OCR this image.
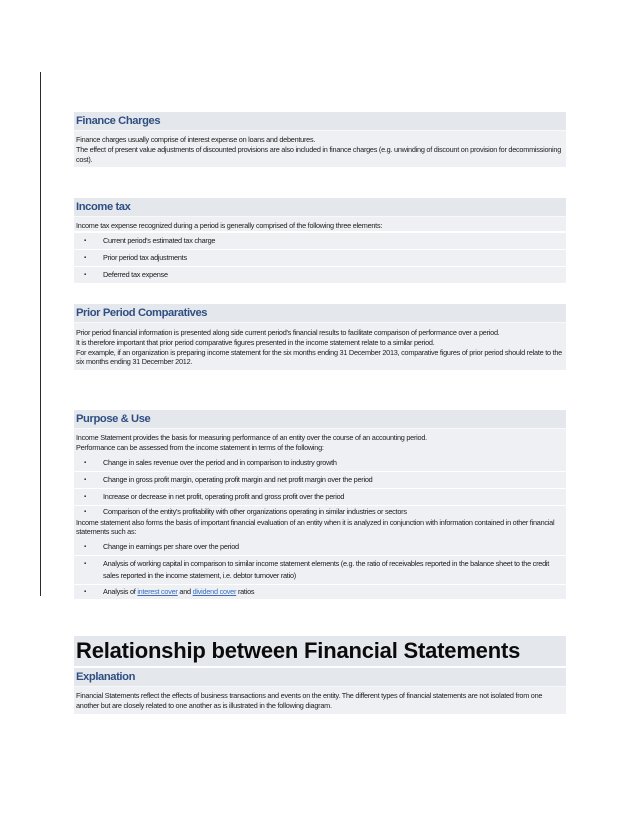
Finance Charges
Finance charges usually comprise of interest expense on loans and debentures.
The effect of present value adjustments of discounted provisions are also included in finance charges (e.g. unwinding of discount on provision for decommissioning cost).
Income tax
Income tax expense recognized during a period is generally comprised of the following three elements:
▪	Current period's estimated tax charge
▪	Prior period tax adjustments
▪	Deferred tax expense
Prior Period Comparatives
Prior period financial information is presented along side current period's financial results to facilitate comparison of performance over a period.
It is therefore important that prior period comparative figures presented in the income statement relate to a similar period.
For example, if an organization is preparing income statement for the six months ending 31 December 2013, comparative figures of prior period should relate to the six months ending 31 December 2012.
Purpose & Use
Income Statement provides the basis for measuring performance of an entity over the course of an accounting period.
Performance can be assessed from the income statement in terms of the following:
▪	Change in sales revenue over the period and in comparison to industry growth
▪	Change in gross profit margin, operating profit margin and net profit margin over the period
▪	Increase or decrease in net profit, operating profit and gross profit over the period
▪	Comparison of the entity's profitability with other organizations operating in similar industries or sectors
Income statement also forms the basis of important financial evaluation of an entity when it is analyzed in conjunction with information contained in other financial statements such as:
▪	Change in earnings per share over the period
▪	Analysis of working capital in comparison to similar income statement elements (e.g. the ratio of receivables reported in the balance sheet to the credit sales reported in the income statement, i.e. debtor turnover ratio)
▪	Analysis of interest cover and dividend cover ratios
Relationship between Financial Statements
Explanation
Financial Statements reflect the effects of business transactions and events on the entity. The different types of financial statements are not isolated from one another but are closely related to one another as is illustrated in the following diagram.
